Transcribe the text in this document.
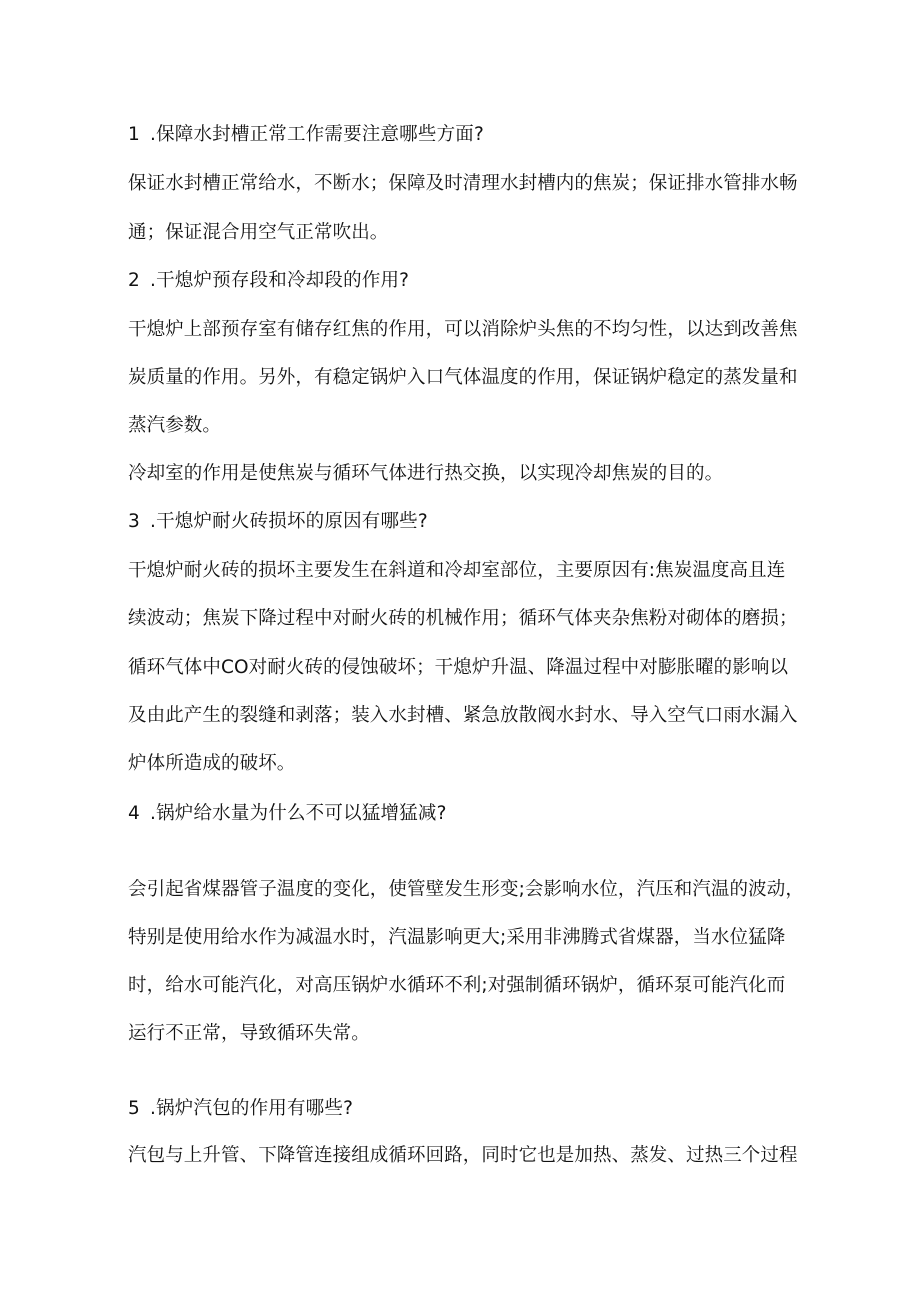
1 .保障水封槽正常工作需要注意哪些方面?
保证水封槽正常给水，不断水；保障及时清理水封槽内的焦炭；保证排水管排水畅
通；保证混合用空气正常吹出。
2 .干熄炉预存段和冷却段的作用?
干熄炉上部预存室有储存红焦的作用，可以消除炉头焦的不均匀性，以达到改善焦
炭质量的作用。另外，有稳定锅炉入口气体温度的作用，保证锅炉稳定的蒸发量和
蒸汽参数。
冷却室的作用是使焦炭与循环气体进行热交换，以实现冷却焦炭的目的。
3 .干熄炉耐火砖损坏的原因有哪些?
干熄炉耐火砖的损坏主要发生在斜道和冷却室部位，主要原因有:焦炭温度高且连
续波动；焦炭下降过程中对耐火砖的机械作用；循环气体夹杂焦粉对砌体的磨损；
循环气体中CO对耐火砖的侵蚀破坏；干熄炉升温、降温过程中对膨胀曜的影响以
及由此产生的裂缝和剥落；装入水封槽、紧急放散阀水封水、导入空气口雨水漏入
炉体所造成的破坏。
4 .锅炉给水量为什么不可以猛增猛减?
会引起省煤器管子温度的变化，使管壁发生形变;会影响水位，汽压和汽温的波动，
特别是使用给水作为减温水时，汽温影响更大;采用非沸腾式省煤器，当水位猛降
时，给水可能汽化，对高压锅炉水循环不利;对强制循环锅炉，循环泵可能汽化而
运行不正常，导致循环失常。
5 .锅炉汽包的作用有哪些?
汽包与上升管、下降管连接组成循环回路，同时它也是加热、蒸发、过热三个过程
